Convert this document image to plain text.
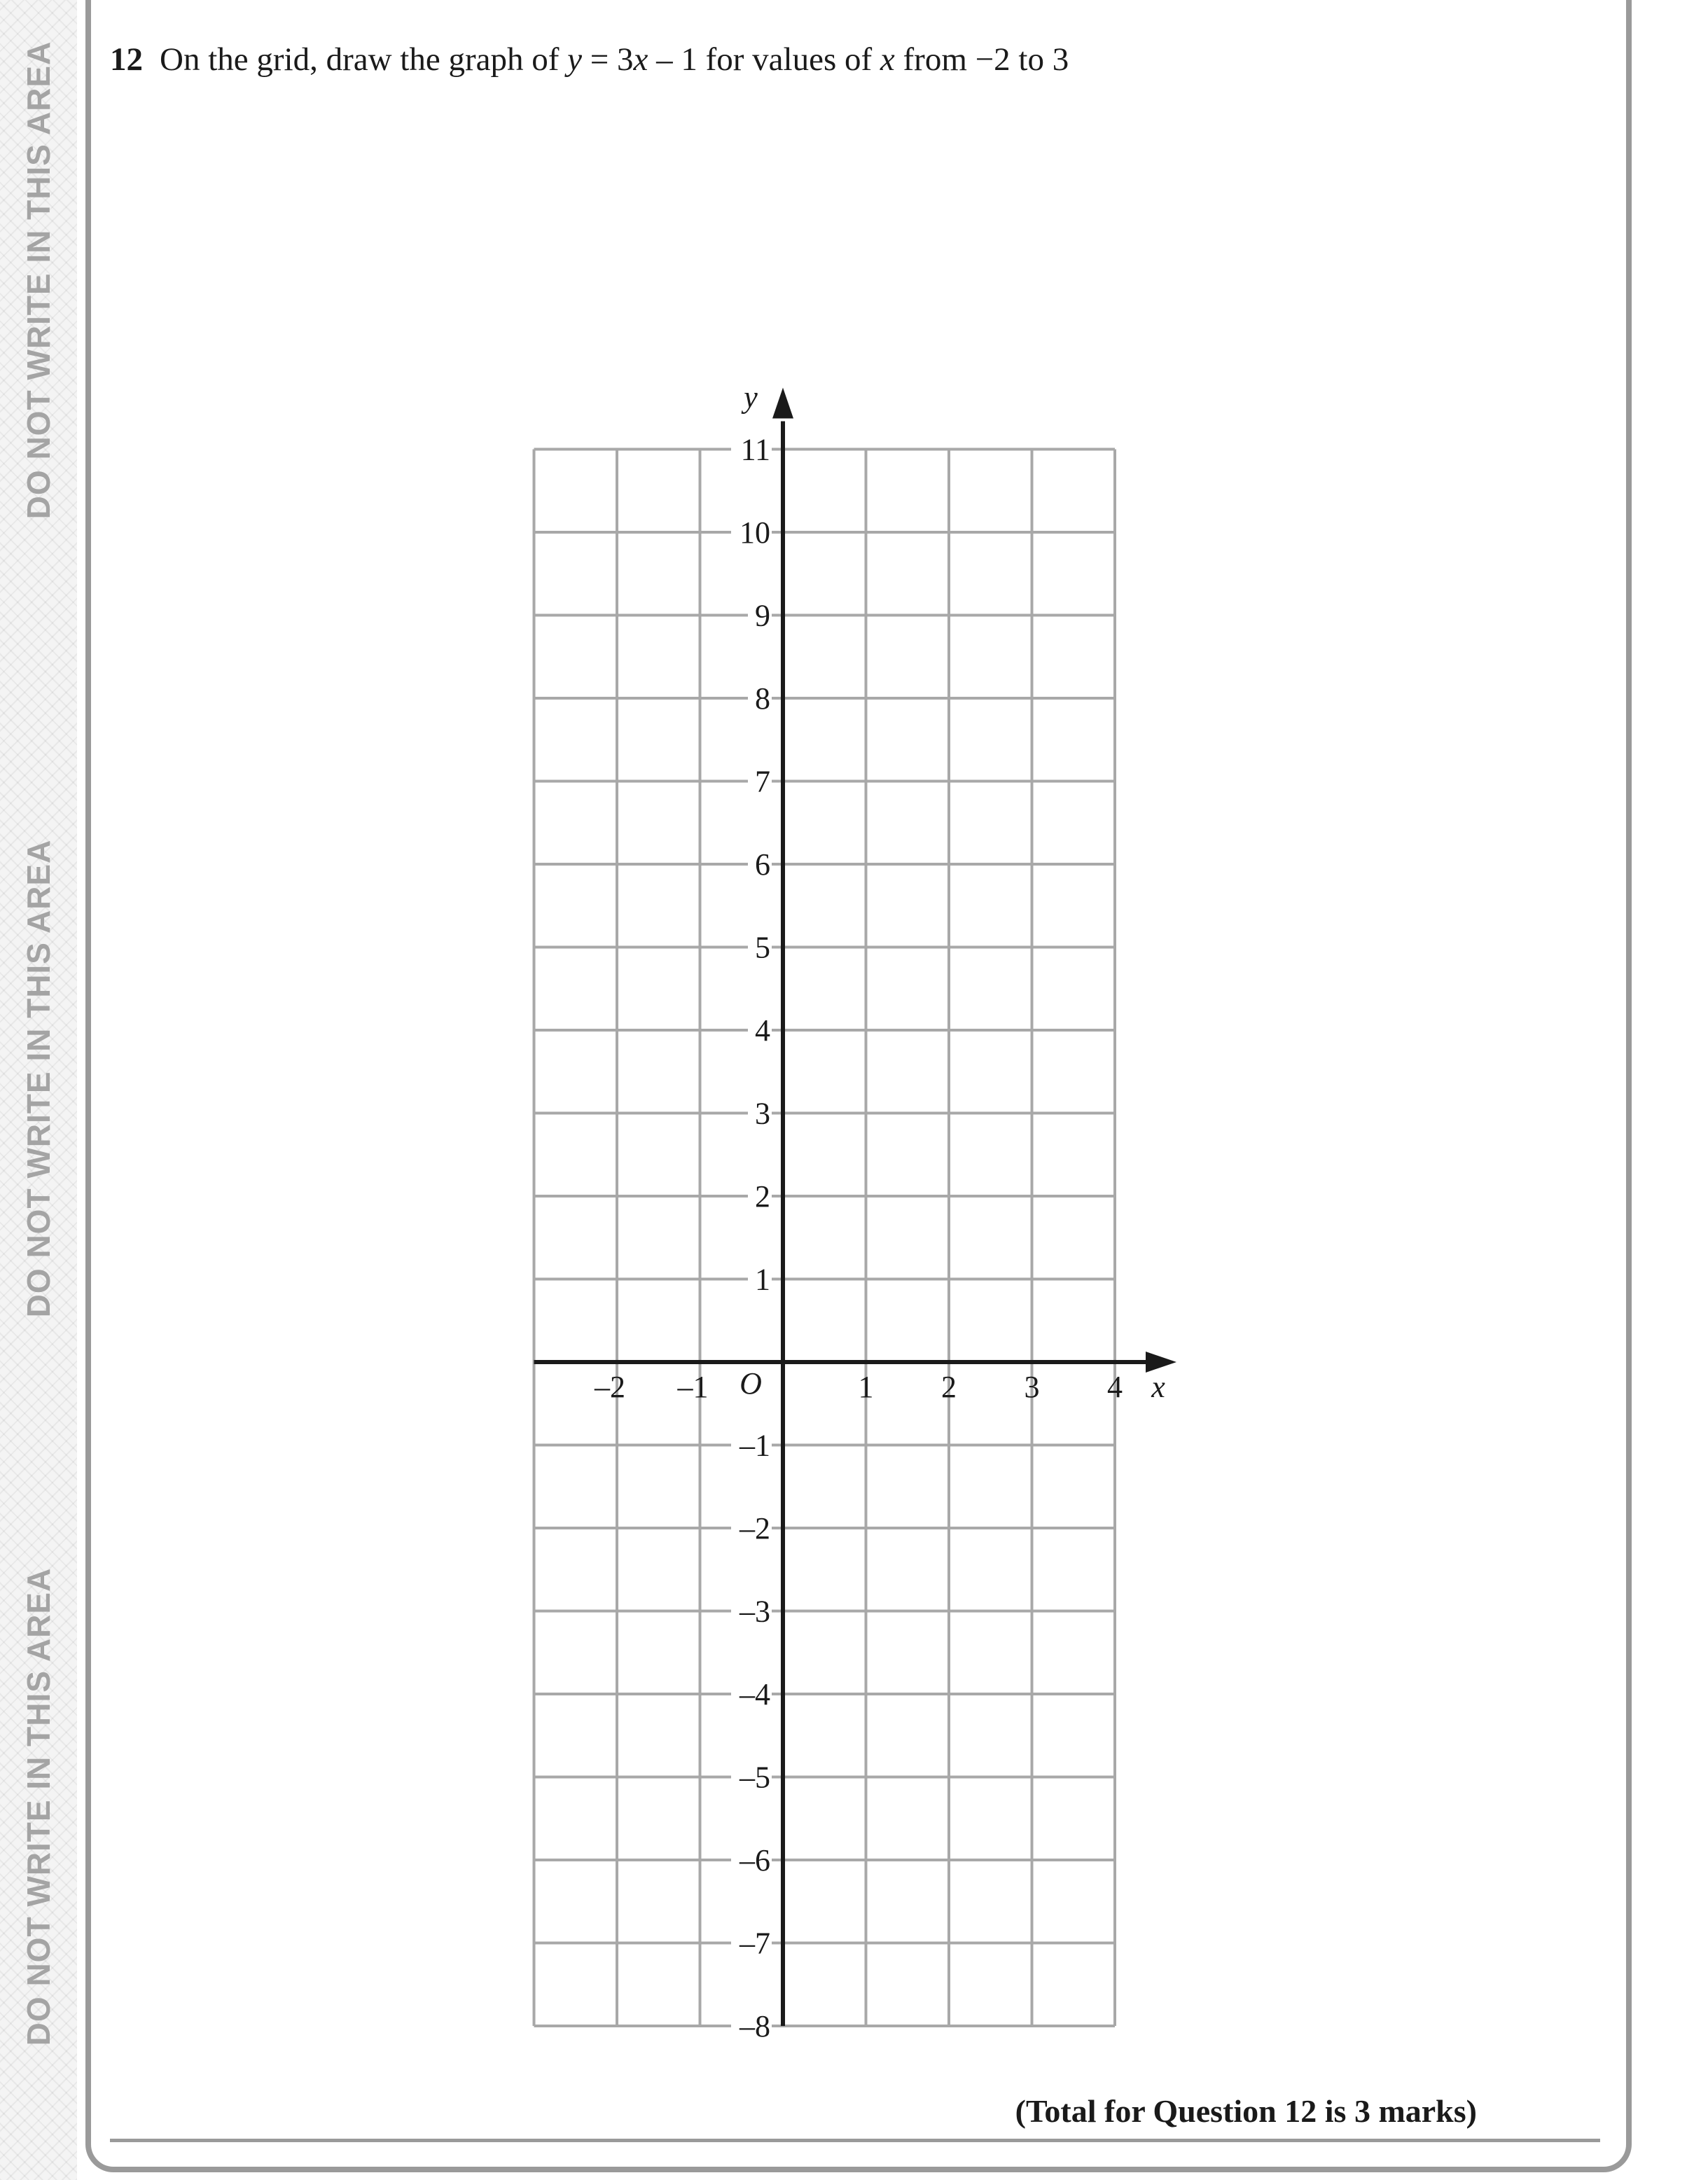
DO NOT WRITE IN THIS AREA
DO NOT WRITE IN THIS AREA
DO NOT WRITE IN THIS AREA
12 On the grid, draw the graph of y = 3x – 1 for values of x from −2 to 3
–2 –1	1 2 3 4
11
10
9
8
7
6
5
4
3
2
1
–1
–2
–3
–4
–5
–6
–7
–8
O	x
y
(Total for Question 12 is 3 marks)
